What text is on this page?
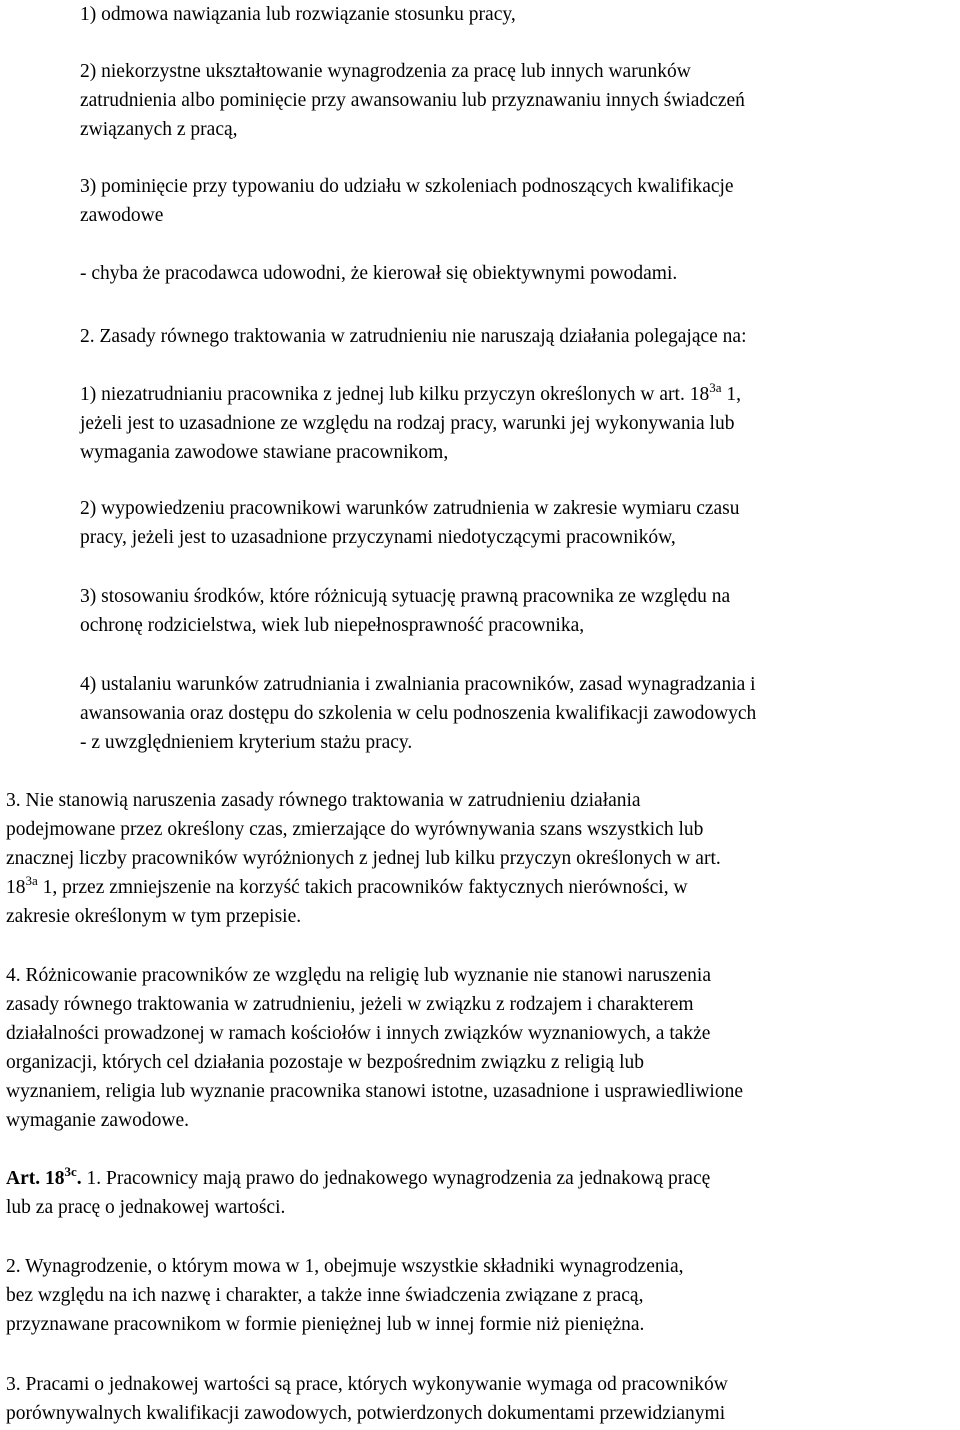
1) odmowa nawiązania lub rozwiązanie stosunku pracy,
2) niekorzystne ukształtowanie wynagrodzenia za pracę lub innych warunków
zatrudnienia albo pominięcie przy awansowaniu lub przyznawaniu innych świadczeń
związanych z pracą,
3) pominięcie przy typowaniu do udziału w szkoleniach podnoszących kwalifikacje
zawodowe
- chyba że pracodawca udowodni, że kierował się obiektywnymi powodami.
2. Zasady równego traktowania w zatrudnieniu nie naruszają działania polegające na:
1) niezatrudnianiu pracownika z jednej lub kilku przyczyn określonych w art. $18^{3a}$ 1,
jeżeli jest to uzasadnione ze względu na rodzaj pracy, warunki jej wykonywania lub
wymagania zawodowe stawiane pracownikom,
2) wypowiedzeniu pracownikowi warunków zatrudnienia w zakresie wymiaru czasu
pracy, jeżeli jest to uzasadnione przyczynami niedotyczącymi pracowników,
3) stosowaniu środków, które różnicują sytuację prawną pracownika ze względu na
ochronę rodzicielstwa, wiek lub niepełnosprawność pracownika,
4) ustalaniu warunków zatrudniania i zwalniania pracowników, zasad wynagradzania i
awansowania oraz dostępu do szkolenia w celu podnoszenia kwalifikacji zawodowych
- z uwzględnieniem kryterium stażu pracy.
3. Nie stanowią naruszenia zasady równego traktowania w zatrudnieniu działania
podejmowane przez określony czas, zmierzające do wyrównywania szans wszystkich lub
znacznej liczby pracowników wyróżnionych z jednej lub kilku przyczyn określonych w art.
$18^{3a}$ 1, przez zmniejszenie na korzyść takich pracowników faktycznych nierówności, w
zakresie określonym w tym przepisie.
4. Różnicowanie pracowników ze względu na religię lub wyznanie nie stanowi naruszenia
zasady równego traktowania w zatrudnieniu, jeżeli w związku z rodzajem i charakterem
działalności prowadzonej w ramach kościołów i innych związków wyznaniowych, a także
organizacji, których cel działania pozostaje w bezpośrednim związku z religią lub
wyznaniem, religia lub wyznanie pracownika stanowi istotne, uzasadnione i usprawiedliwione
wymaganie zawodowe.
Art. $18^{3c}$. 1. Pracownicy mają prawo do jednakowego wynagrodzenia za jednakową pracę
lub za pracę o jednakowej wartości.
2. Wynagrodzenie, o którym mowa w 1, obejmuje wszystkie składniki wynagrodzenia,
bez względu na ich nazwę i charakter, a także inne świadczenia związane z pracą,
przyznawane pracownikom w formie pieniężnej lub w innej formie niż pieniężna.
3. Pracami o jednakowej wartości są prace, których wykonywanie wymaga od pracowników
porównywalnych kwalifikacji zawodowych, potwierdzonych dokumentami przewidzianymi
